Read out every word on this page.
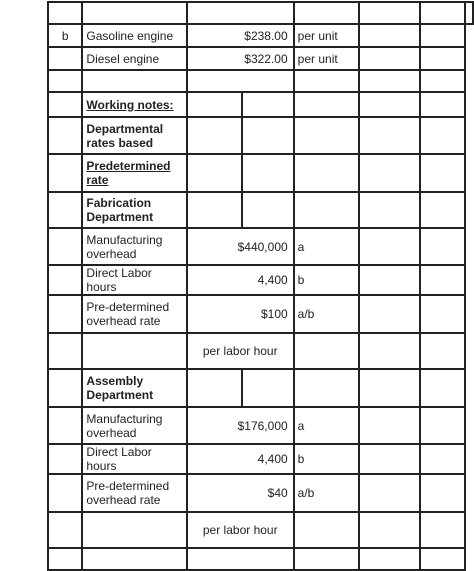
b	Gasoline engine	$238.00		per unit			
	Diesel engine	$322.00		per unit			

	Working notes:						
	Departmental rates based						
	Predetermined rate						
	Fabrication Department						
	Manufacturing overhead	$440,000		a			
	Direct Labor hours	4,400		b			
	Pre-determined overhead rate	$100		a/b			
		per labor hour					
	Assembly Department						
	Manufacturing overhead	$176,000		a			
	Direct Labor hours	4,400		b			
	Pre-determined overhead rate	$40		a/b			
		per labor hour					
